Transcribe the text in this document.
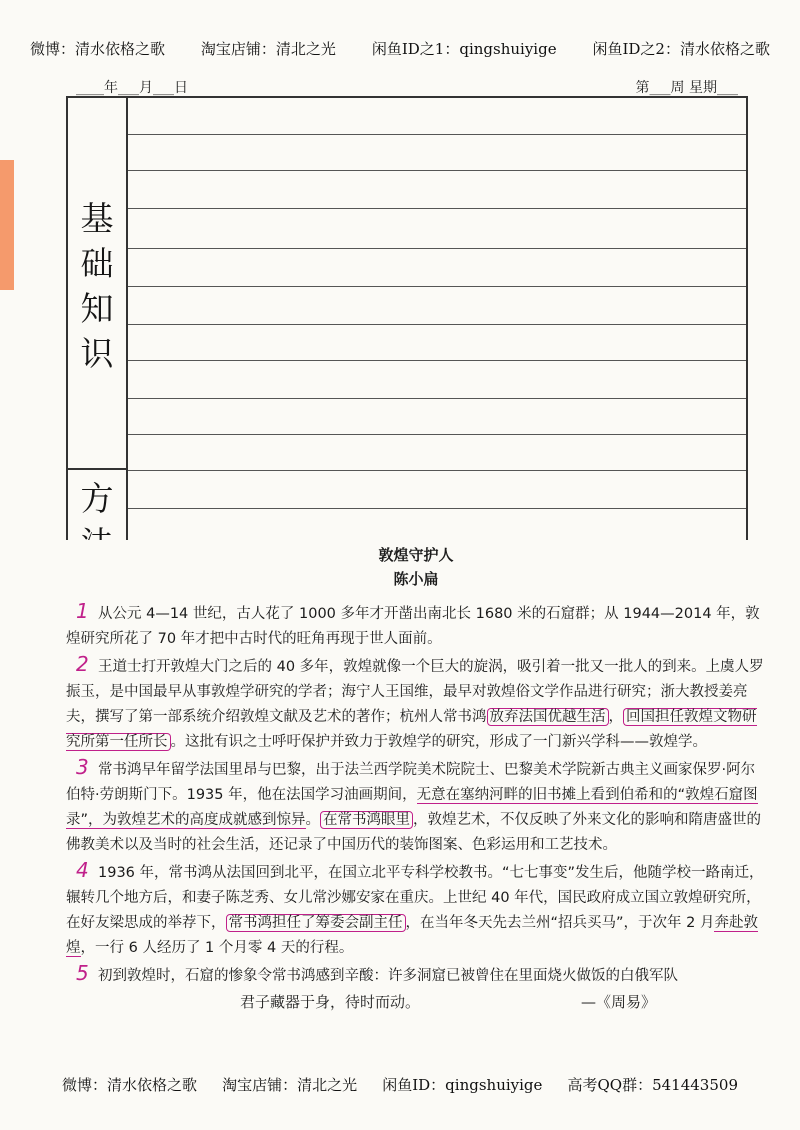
微博：清水依格之歌 淘宝店铺：清北之光 闲鱼ID之1：qingshuiyige 闲鱼ID之2：清水依格之歌
____年___月___日	第___周 星期___
基
础
知
识
方
敦煌守护人
陈小扁

1 从公元 4—14 世纪，古人花了 1000 多年才开凿出南北长 1680 米的石窟群；从 1944—2014 年，敦煌研究所花了 70 年才把中古时代的旺角再现于世人面前。

2 王道士打开敦煌大门之后的 40 多年，敦煌就像一个巨大的旋涡，吸引着一批又一批人的到来。上虞人罗振玉，是中国最早从事敦煌学研究的学者；海宁人王国维，最早对敦煌俗文学作品进行研究；浙大教授姜亮夫，撰写了第一部系统介绍敦煌文献及艺术的著作；杭州人常书鸿 放弃法国优越生活 ， 回国担任敦煌文物研究所第一任所长 。这批有识之士呼吁保护并致力于敦煌学的研究，形成了一门新兴学科——敦煌学。

3 常书鸿早年留学法国里昂与巴黎，出于法兰西学院美术院院士、巴黎美术学院新古典主义画家保罗·阿尔伯特·劳朗斯门下。1935 年，他在法国学习油画期间，无意在塞纳河畔的旧书摊上看到伯希和的“敦煌石窟图录”，为敦煌艺术的高度成就感到惊异。 在常书鸿眼里 ，敦煌艺术，不仅反映了外来文化的影响和隋唐盛世的佛教美术以及当时的社会生活，还记录了中国历代的装饰图案、色彩运用和工艺技术。

4 1936 年，常书鸿从法国回到北平，在国立北平专科学校教书。“七七事变”发生后，他随学校一路南迁，辗转几个地方后，和妻子陈芝秀、女儿常沙娜安家在重庆。上世纪 40 年代，国民政府成立国立敦煌研究所，在好友梁思成的举荐下， 常书鸿担任了筹委会副主任 ，在当年冬天先去兰州“招兵买马”，于次年 2 月奔赴敦煌，一行 6 人经历了 1 个月零 4 天的行程。

5 初到敦煌时，石窟的惨象令常书鸿感到辛酸：许多洞窟已被曾住在里面烧火做饭的白俄军队

君子藏器于身，待时而动。	—《周易》
微博：清水依格之歌 淘宝店铺：清北之光 闲鱼ID：qingshuiyige 高考QQ群：541443509
